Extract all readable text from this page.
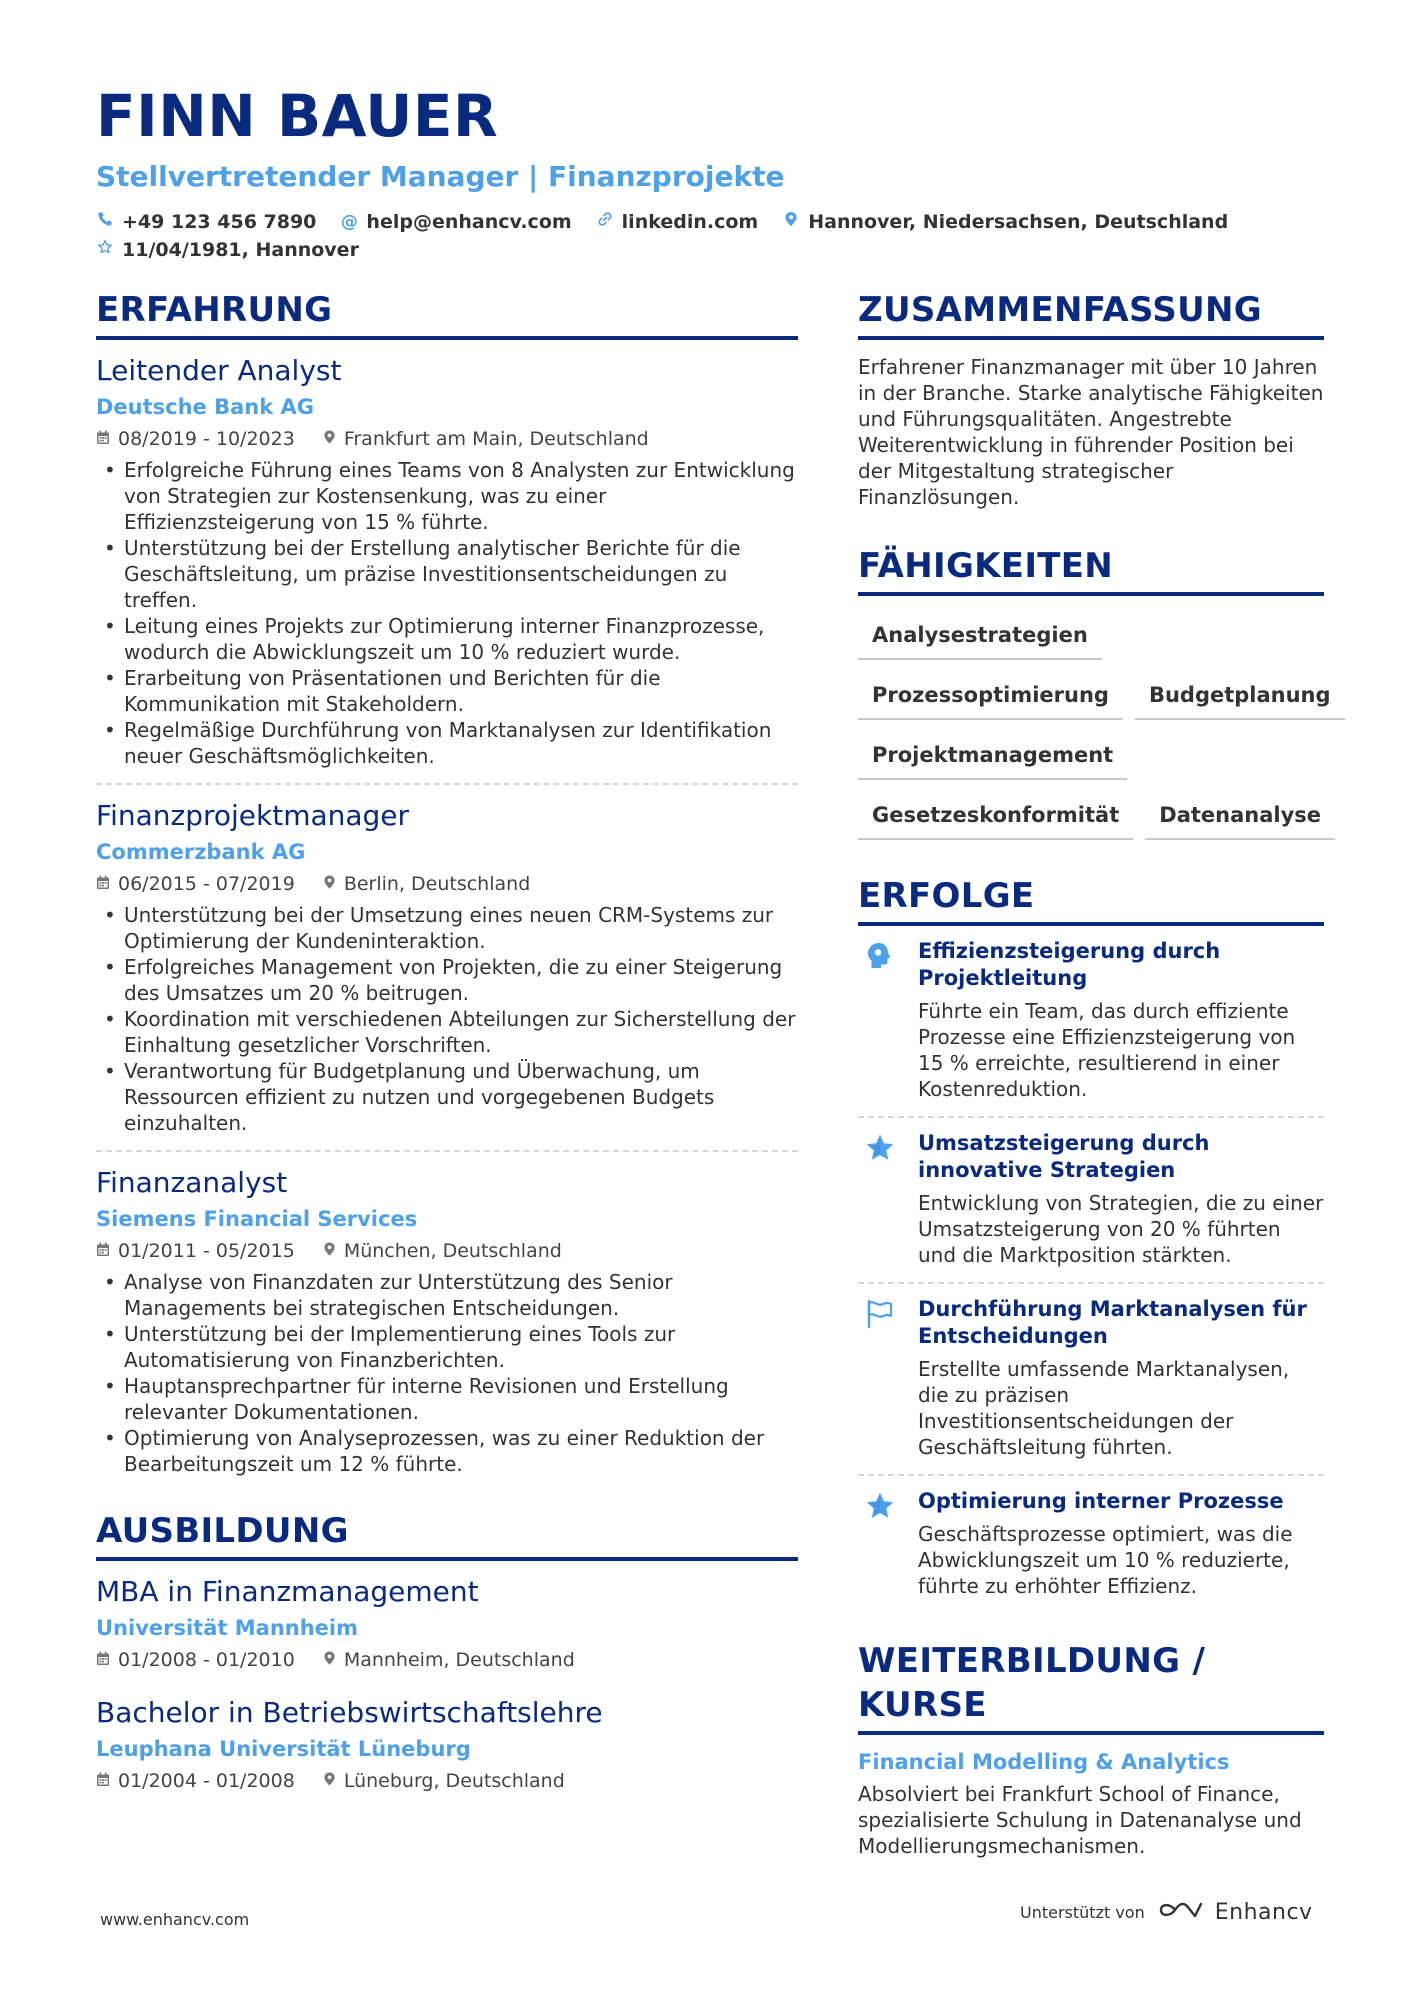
FINN BAUER
Stellvertretender Manager | Finanzprojekte
+49 123 456 7890 @ help@enhancv.com	linkedin.com	Hannover, Niedersachsen, Deutschland
11/04/1981, Hannover
ERFAHRUNG
Leitender Analyst
Deutsche Bank AG
08/2019 - 10/2023	Frankfurt am Main, Deutschland
• Erfolgreiche Führung eines Teams von 8 Analysten zur Entwicklung von Strategien zur Kostensenkung, was zu einer Effizienzsteigerung von 15 % führte.
• Unterstützung bei der Erstellung analytischer Berichte für die Geschäftsleitung, um präzise Investitionsentscheidungen zu treffen.
• Leitung eines Projekts zur Optimierung interner Finanzprozesse, wodurch die Abwicklungszeit um 10 % reduziert wurde.
• Erarbeitung von Präsentationen und Berichten für die Kommunikation mit Stakeholdern.
• Regelmäßige Durchführung von Marktanalysen zur Identifikation neuer Geschäftsmöglichkeiten.
Finanzprojektmanager
Commerzbank AG
06/2015 - 07/2019	Berlin, Deutschland
• Unterstützung bei der Umsetzung eines neuen CRM-Systems zur Optimierung der Kundeninteraktion.
• Erfolgreiches Management von Projekten, die zu einer Steigerung des Umsatzes um 20 % beitrugen.
• Koordination mit verschiedenen Abteilungen zur Sicherstellung der Einhaltung gesetzlicher Vorschriften.
• Verantwortung für Budgetplanung und Überwachung, um Ressourcen effizient zu nutzen und vorgegebenen Budgets einzuhalten.
Finanzanalyst
Siemens Financial Services
01/2011 - 05/2015	München, Deutschland
• Analyse von Finanzdaten zur Unterstützung des Senior Managements bei strategischen Entscheidungen.
• Unterstützung bei der Implementierung eines Tools zur Automatisierung von Finanzberichten.
• Hauptansprechpartner für interne Revisionen und Erstellung relevanter Dokumentationen.
• Optimierung von Analyseprozessen, was zu einer Reduktion der Bearbeitungszeit um 12 % führte.
AUSBILDUNG
MBA in Finanzmanagement
Universität Mannheim
01/2008 - 01/2010	Mannheim, Deutschland
Bachelor in Betriebswirtschaftslehre
Leuphana Universität Lüneburg
01/2004 - 01/2008	Lüneburg, Deutschland
ZUSAMMENFASSUNG
Erfahrener Finanzmanager mit über 10 Jahren in der Branche. Starke analytische Fähigkeiten und Führungsqualitäten. Angestrebte Weiterentwicklung in führender Position bei der Mitgestaltung strategischer Finanzlösungen.
FÄHIGKEITEN
Analysestrategien
Prozessoptimierung	Budgetplanung
Projektmanagement
Gesetzeskonformität	Datenanalyse
ERFOLGE
Effizienzsteigerung durch Projektleitung
Führte ein Team, das durch effiziente Prozesse eine Effizienzsteigerung von 15 % erreichte, resultierend in einer Kostenreduktion.
Umsatzsteigerung durch innovative Strategien
Entwicklung von Strategien, die zu einer Umsatzsteigerung von 20 % führten und die Marktposition stärkten.
Durchführung Marktanalysen für Entscheidungen
Erstellte umfassende Marktanalysen, die zu präzisen Investitionsentscheidungen der Geschäftsleitung führten.
Optimierung interner Prozesse
Geschäftsprozesse optimiert, was die Abwicklungszeit um 10 % reduzierte, führte zu erhöhter Effizienz.
WEITERBILDUNG / KURSE
Financial Modelling & Analytics
Absolviert bei Frankfurt School of Finance, spezialisierte Schulung in Datenanalyse und Modellierungsmechanismen.
www.enhancv.com	Unterstützt von	Enhancv
